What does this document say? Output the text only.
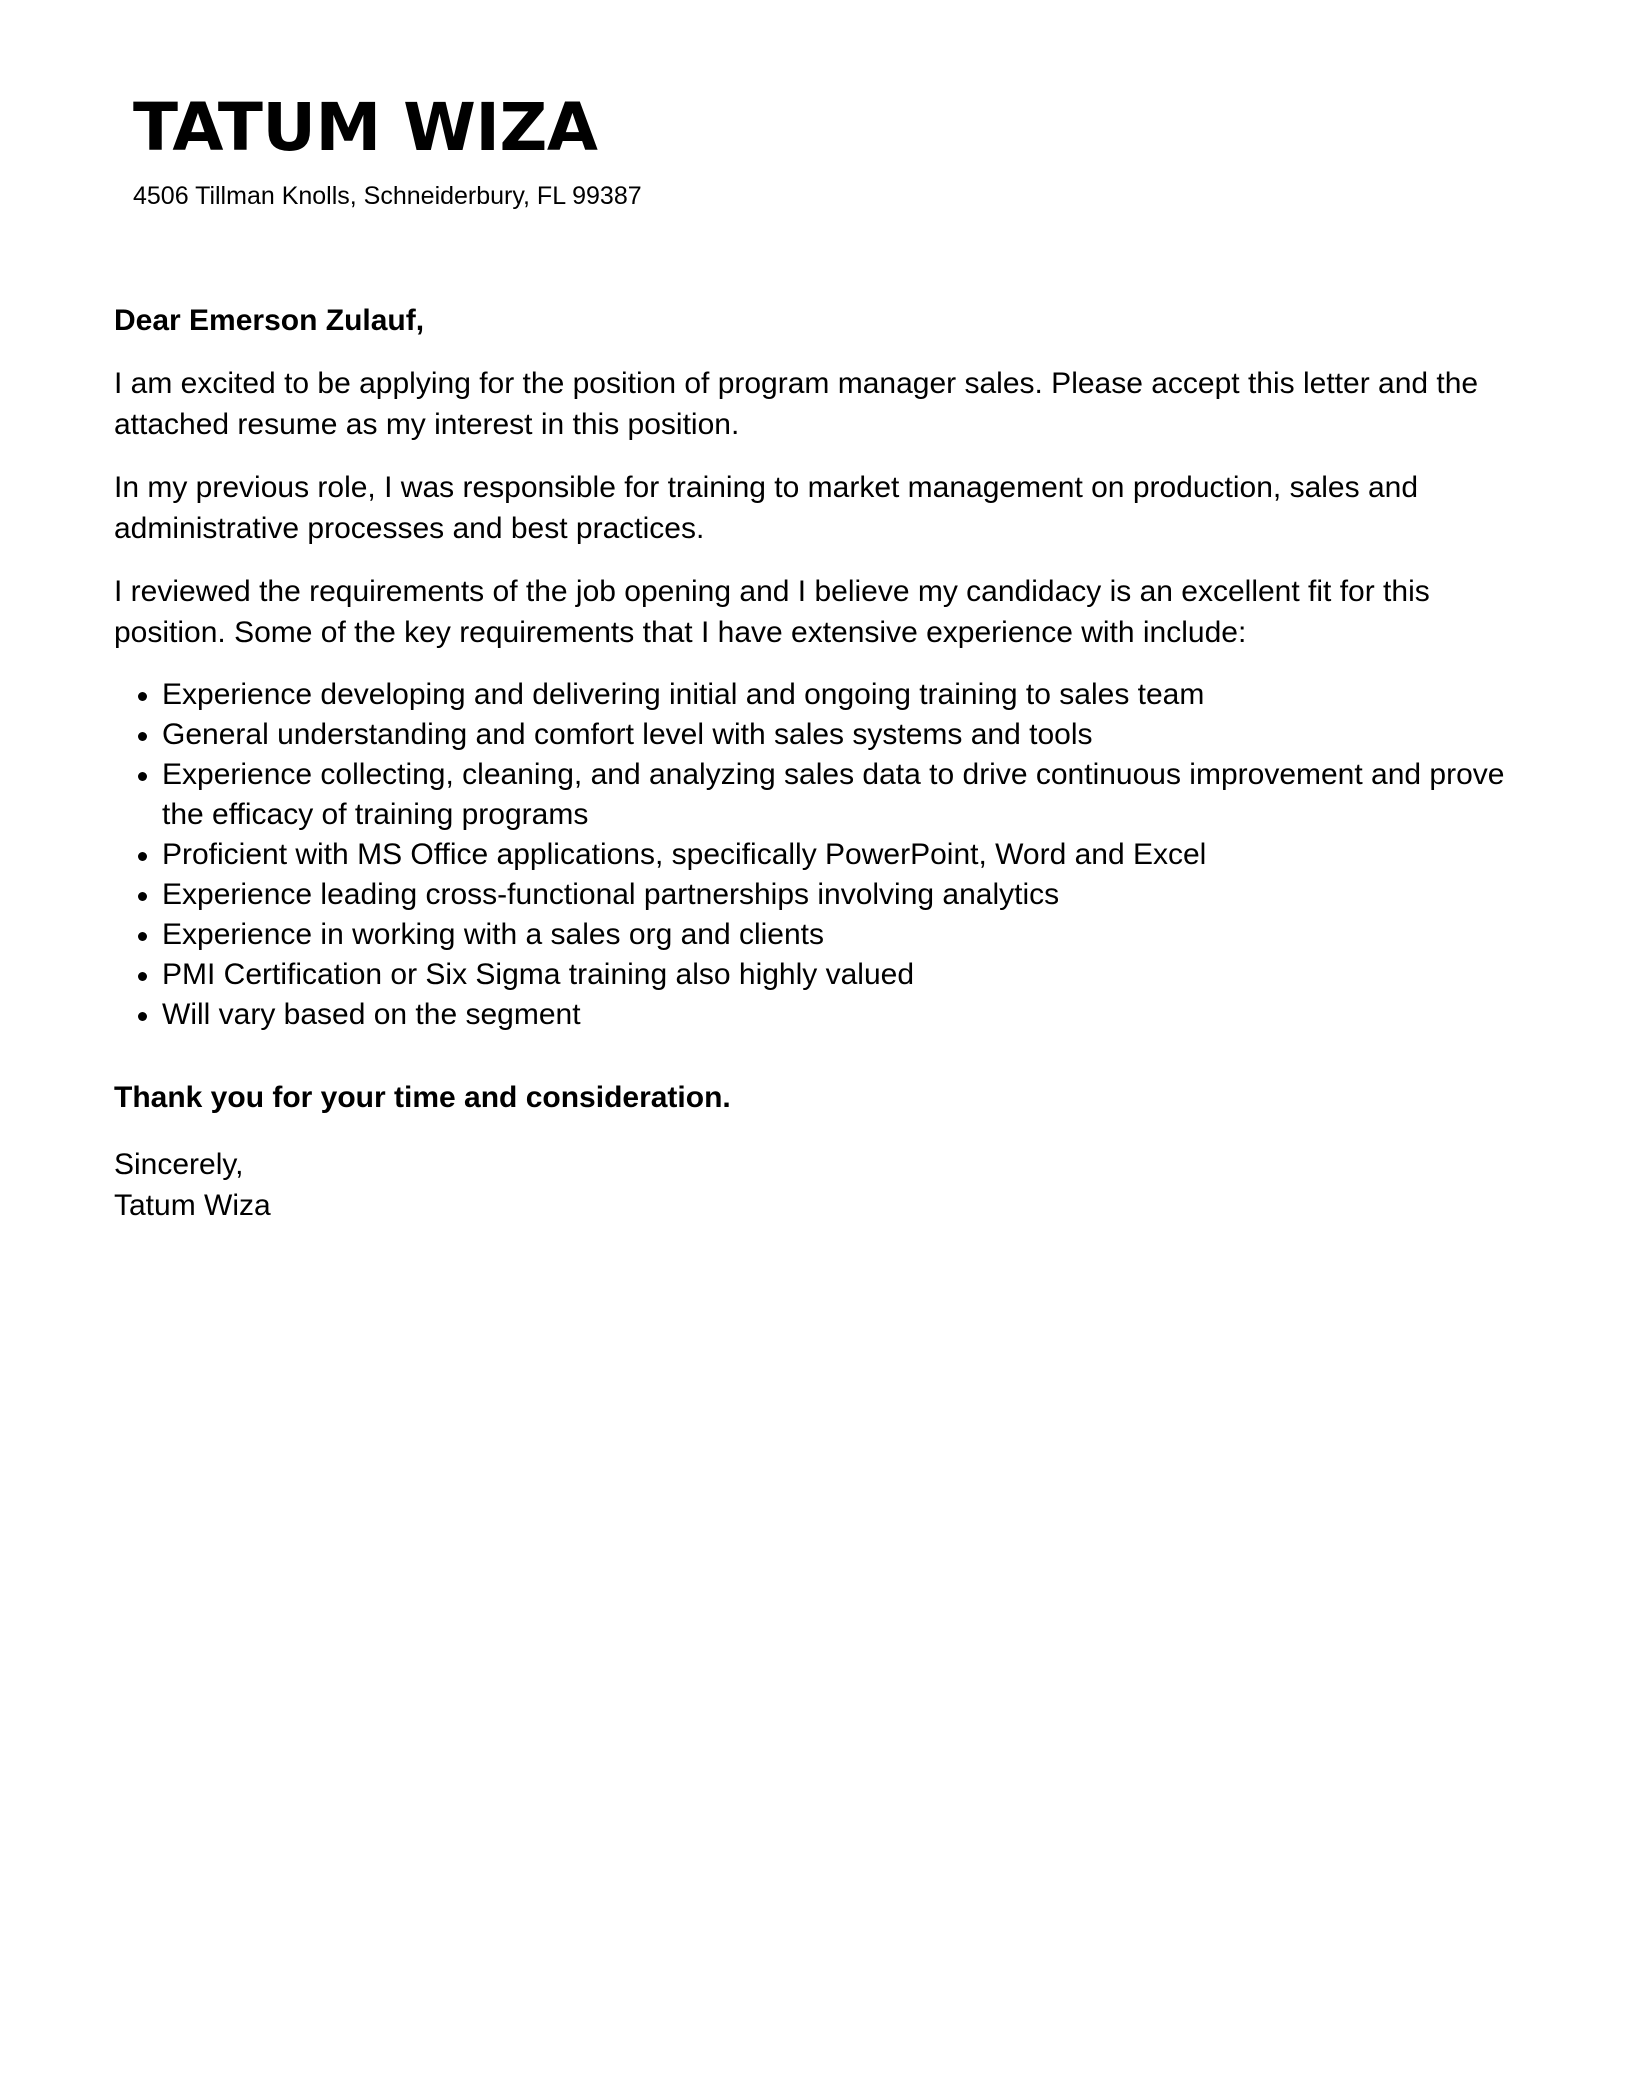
TATUM WIZA
4506 Tillman Knolls, Schneiderbury, FL 99387

Dear Emerson Zulauf,

I am excited to be applying for the position of program manager sales. Please accept this letter and the attached resume as my interest in this position.

In my previous role, I was responsible for training to market management on production, sales and administrative processes and best practices.

I reviewed the requirements of the job opening and I believe my candidacy is an excellent fit for this position. Some of the key requirements that I have extensive experience with include:

Experience developing and delivering initial and ongoing training to sales team
General understanding and comfort level with sales systems and tools
Experience collecting, cleaning, and analyzing sales data to drive continuous improvement and prove the efficacy of training programs
Proficient with MS Office applications, specifically PowerPoint, Word and Excel
Experience leading cross-functional partnerships involving analytics
Experience in working with a sales org and clients
PMI Certification or Six Sigma training also highly valued
Will vary based on the segment

Thank you for your time and consideration.

Sincerely,
Tatum Wiza
